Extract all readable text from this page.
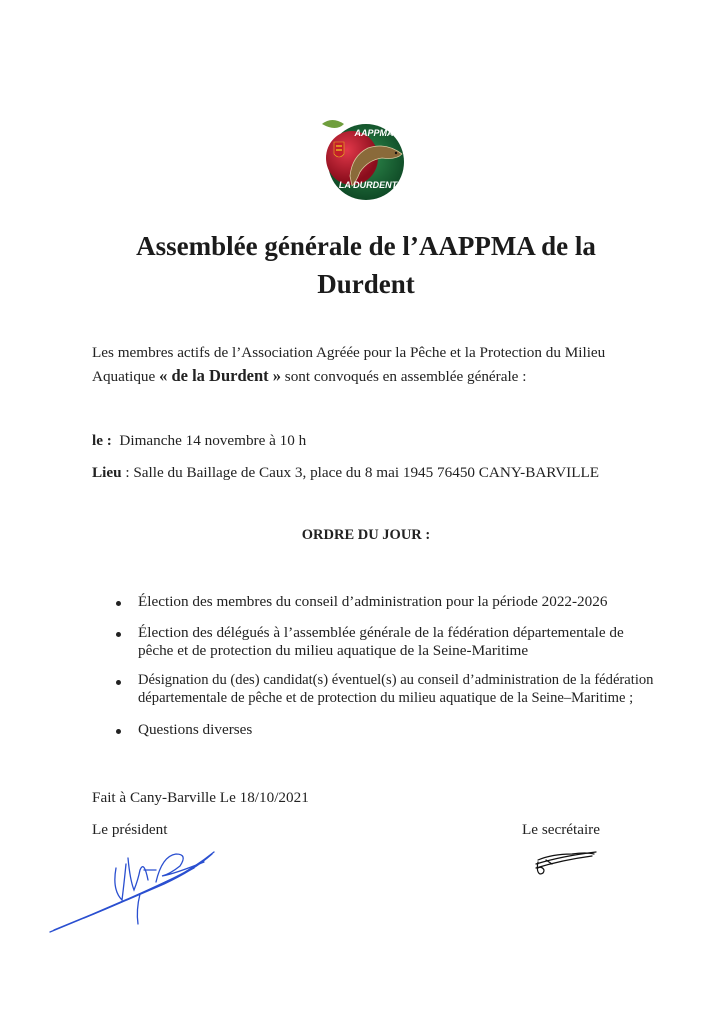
AAPPMA
LA DURDENT
Assemblée générale de l’AAPPMA de la
Durdent
Les membres actifs de l’Association Agréée pour la Pêche et la Protection du Milieu
Aquatique « de la Durdent » sont convoqués en assemblée générale :
le : Dimanche 14 novembre à 10 h
Lieu : Salle du Baillage de Caux 3, place du 8 mai 1945 76450 CANY-BARVILLE
ORDRE DU JOUR :
Élection des membres du conseil d’administration pour la période 2022-2026
Élection des délégués à l’assemblée générale de la fédération départementale de
pêche et de protection du milieu aquatique de la Seine-Maritime
Désignation du (des) candidat(s) éventuel(s) au conseil d’administration de la fédération
départementale de pêche et de protection du milieu aquatique de la Seine–Maritime ;
Questions diverses
Fait à Cany-Barville Le 18/10/2021
Le président	Le secrétaire
